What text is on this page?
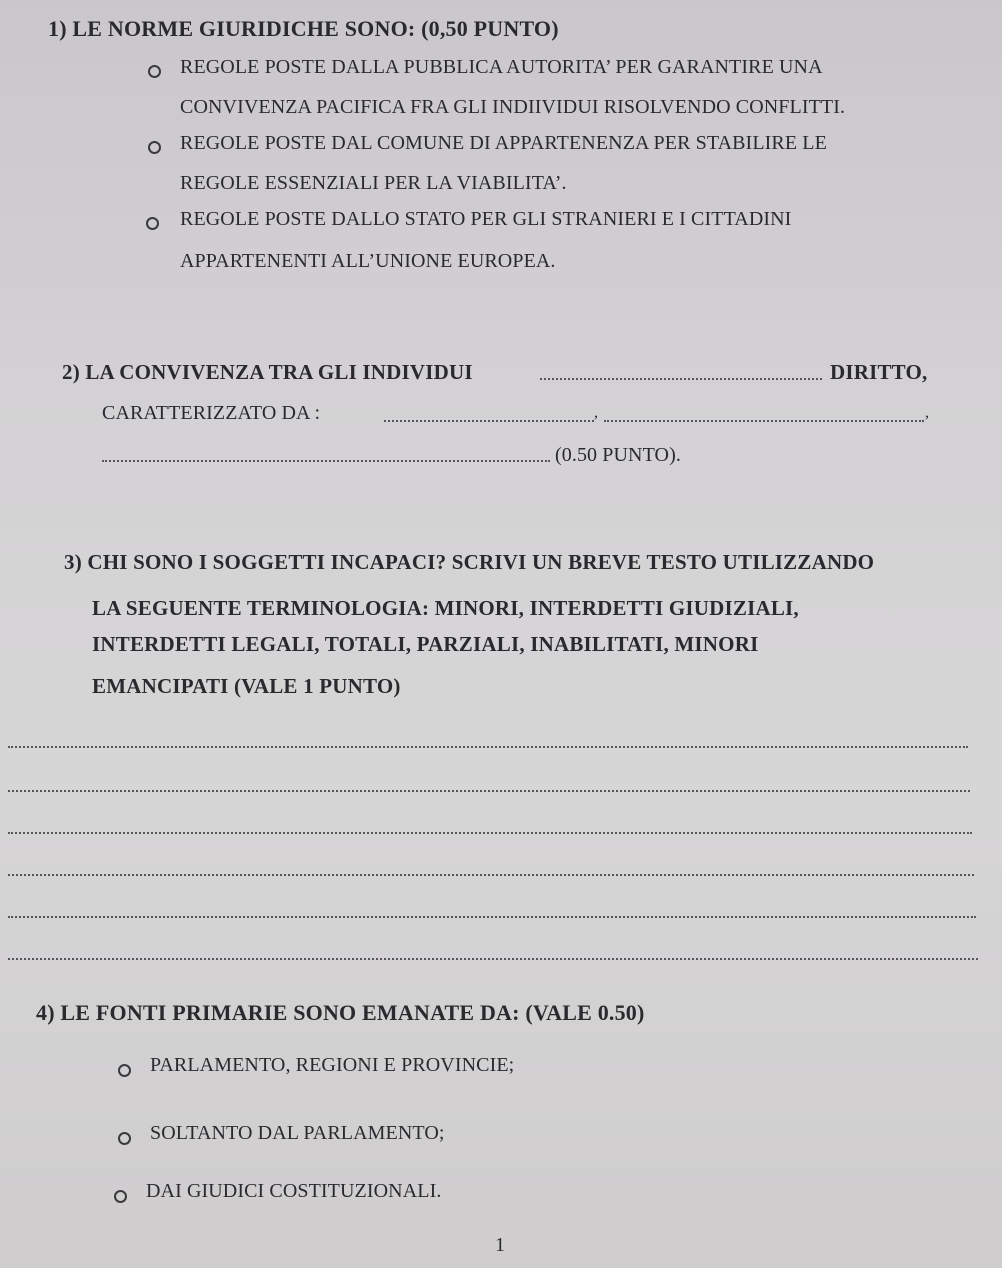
1) LE NORME GIURIDICHE SONO: (0,50 PUNTO)
REGOLE POSTE DALLA PUBBLICA AUTORITA’ PER GARANTIRE UNA
CONVIVENZA PACIFICA FRA GLI INDIIVIDUI RISOLVENDO CONFLITTI.
REGOLE POSTE DAL COMUNE DI APPARTENENZA PER STABILIRE LE
REGOLE ESSENZIALI PER LA VIABILITA’.
REGOLE POSTE DALLO STATO PER GLI STRANIERI E I CITTADINI
APPARTENENTI ALL’UNIONE EUROPEA.
2) LA CONVIVENZA TRA GLI INDIVIDUI	DIRITTO,
CARATTERIZZATO DA :	,	,
(0.50 PUNTO).
3) CHI SONO I SOGGETTI INCAPACI? SCRIVI UN BREVE TESTO UTILIZZANDO
LA SEGUENTE TERMINOLOGIA: MINORI, INTERDETTI GIUDIZIALI,
INTERDETTI LEGALI, TOTALI, PARZIALI, INABILITATI, MINORI
EMANCIPATI (VALE 1 PUNTO)
4) LE FONTI PRIMARIE SONO EMANATE DA: (VALE 0.50)
PARLAMENTO, REGIONI E PROVINCIE;
SOLTANTO DAL PARLAMENTO;
DAI GIUDICI COSTITUZIONALI.
1
